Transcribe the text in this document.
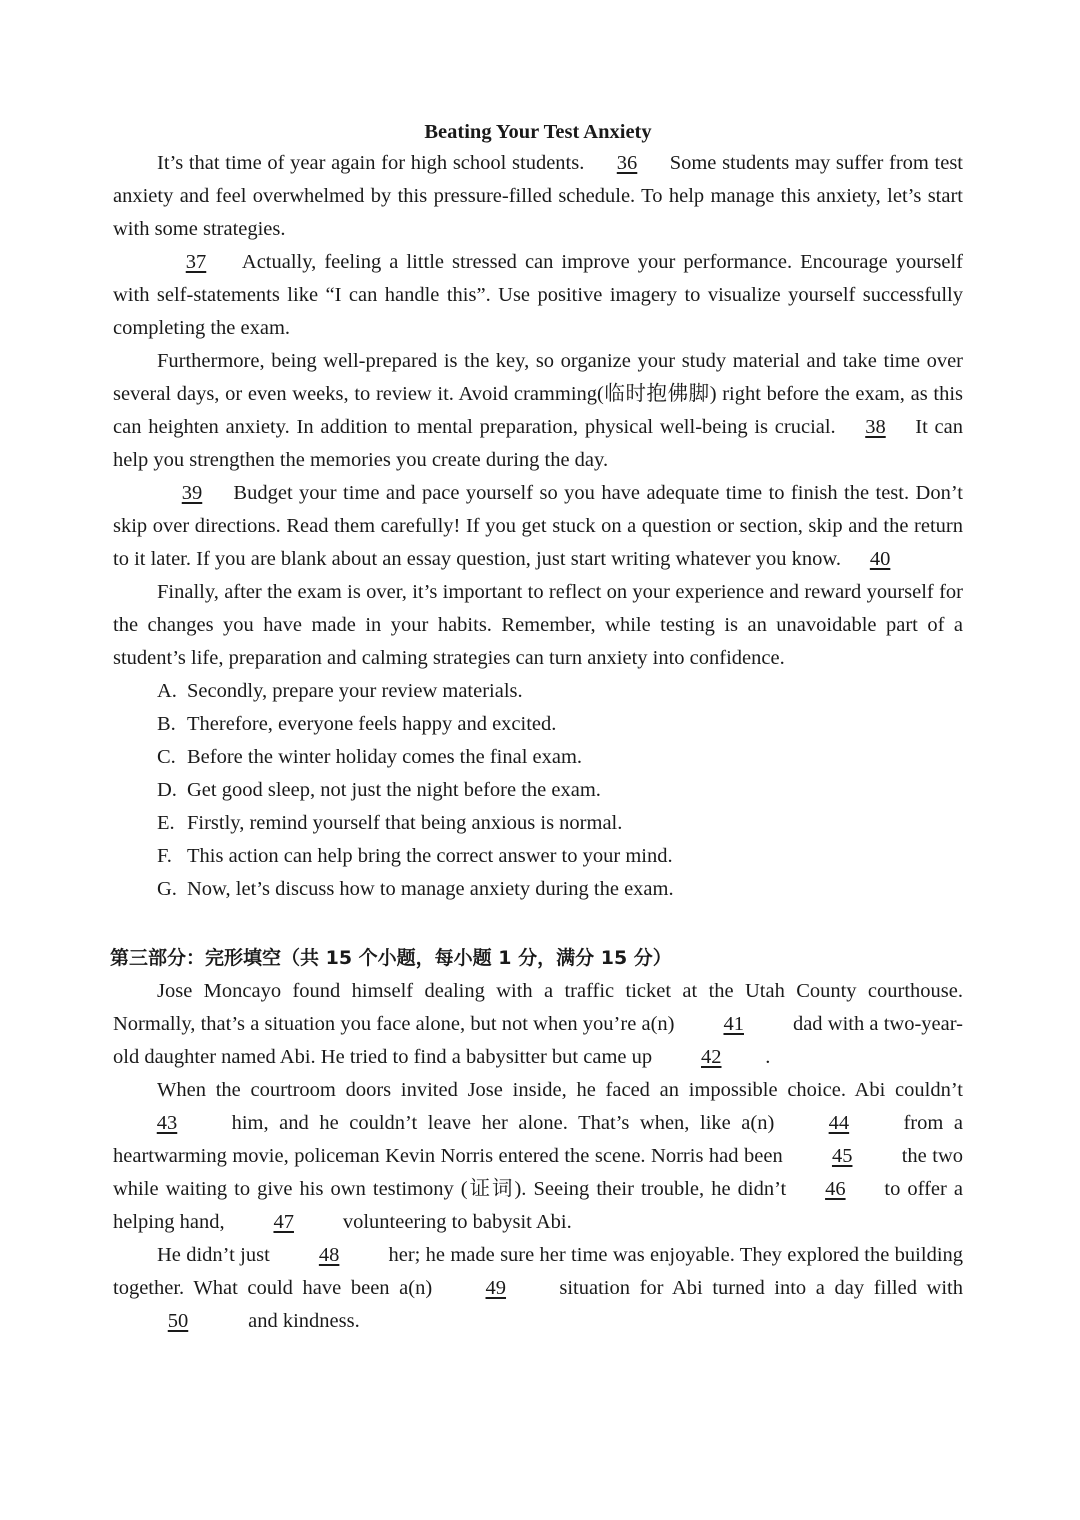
Beating Your Test Anxiety

It’s that time of year again for high school students. 36 Some students may suffer from test anxiety and feel overwhelmed by this pressure-filled schedule. To help manage this anxiety, let’s start with some strategies.

37 Actually, feeling a little stressed can improve your performance. Encourage yourself with self-statements like “I can handle this”. Use positive imagery to visualize yourself successfully completing the exam.

Furthermore, being well-prepared is the key, so organize your study material and take time over several days, or even weeks, to review it. Avoid cramming(临时抱佛脚) right before the exam, as this can heighten anxiety. In addition to mental preparation, physical well-being is crucial. 38 It can help you strengthen the memories you create during the day.

39 Budget your time and pace yourself so you have adequate time to finish the test. Don’t skip over directions. Read them carefully! If you get stuck on a question or section, skip and the return to it later. If you are blank about an essay question, just start writing whatever you know. 40

Finally, after the exam is over, it’s important to reflect on your experience and reward yourself for the changes you have made in your habits. Remember, while testing is an unavoidable part of a student’s life, preparation and calming strategies can turn anxiety into confidence.

A. Secondly, prepare your review materials.
B. Therefore, everyone feels happy and excited.
C. Before the winter holiday comes the final exam.
D. Get good sleep, not just the night before the exam.
E. Firstly, remind yourself that being anxious is normal.
F. This action can help bring the correct answer to your mind.
G. Now, let’s discuss how to manage anxiety during the exam.
第三部分：完形填空（共 15 个小题，每小题 1 分，满分 15 分）

Jose Moncayo found himself dealing with a traffic ticket at the Utah County courthouse. Normally, that’s a situation you face alone, but not when you’re a(n) 41 dad with a two-year-old daughter named Abi. He tried to find a babysitter but came up 42 .

When the courtroom doors invited Jose inside, he faced an impossible choice. Abi couldn’t 43	him, and he couldn’t leave her alone. That’s when, like a(n)	44	from a heartwarming movie, policeman Kevin Norris entered the scene. Norris had been 45 the two while waiting to give his own testimony (证词). Seeing their trouble, he didn’t 46 to offer a helping hand, 47 volunteering to babysit Abi.

He didn’t just 48 her; he made sure her time was enjoyable. They explored the building together. What could have been a(n)	49	situation for Abi turned into a day filled with 50	and kindness.
